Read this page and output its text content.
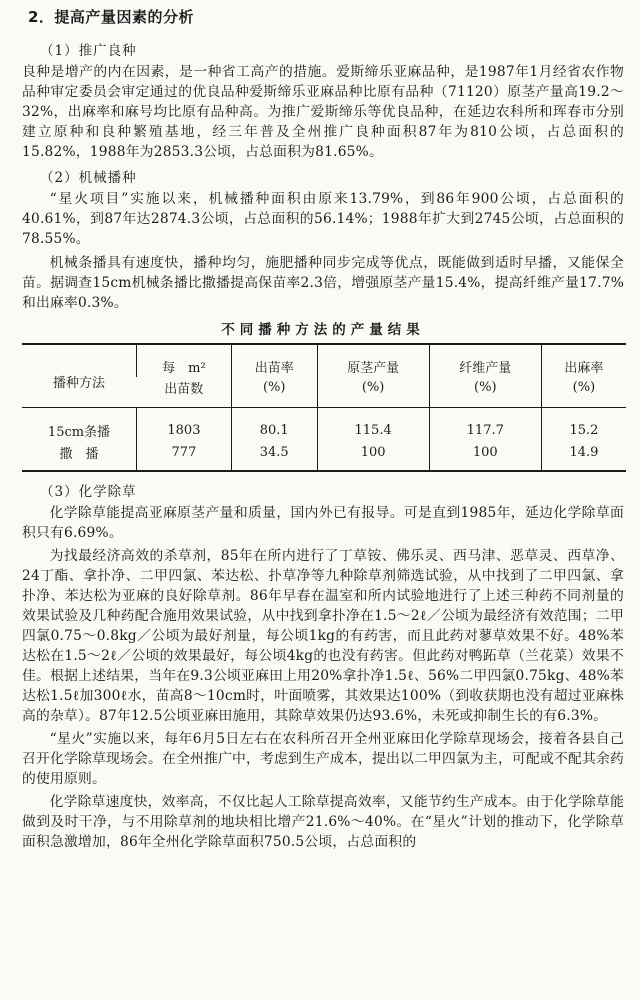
2．提高产量因素的分析
（1）推广良种

良种是增产的内在因素，是一种省工高产的措施。爱斯缔乐亚麻品种，是1987年1月经省农作物品种审定委员会审定通过的优良品种爱斯缔乐亚麻品种比原有品种（71120）原茎产量高19.2～32%，出麻率和麻号均比原有品种高。为推广爱斯缔乐等优良品种，在延边农科所和珲春市分别建立原种和良种繁殖基地，经三年普及全州推广良种面积87年为810公顷，占总面积的15.82%，1988年为2853.3公顷，占总面积为81.65%。

（2）机械播种

“星火项目”实施以来，机械播种面积由原来13.79%，到86年900公顷，占总面积的40.61%，到87年达2874.3公顷，占总面积的56.14%；1988年扩大到2745公顷，占总面积的78.55%。

机械条播具有速度快，播种均匀，施肥播种同步完成等优点，既能做到适时早播，又能保全苗。据调查15cm机械条播比撒播提高保苗率2.3倍，增强原茎产量15.4%，提高纤维产量17.7%和出麻率0.3%。

不同播种方法的产量结果
播种方法	每　m²	出苗率	原茎产量	纤维产量	出麻率
	出苗数	(%)	(%)	(%)	(%)
15cm条播	1803	80.1	115.4	117.7	15.2
撒　播	777	34.5	100	100	14.9
（3）化学除草

化学除草能提高亚麻原茎产量和质量，国内外已有报导。可是直到1985年，延边化学除草面积只有6.69%。

为找最经济高效的杀草剂，85年在所内进行了丁草铵、佛乐灵、西马津、恶草灵、西草净、24丁酯、拿扑净、二甲四氯、苯达松、扑草净等九种除草剂筛选试验，从中找到了二甲四氯、拿扑净、苯达松为亚麻的良好除草剂。86年早春在温室和所内试验地进行了上述三种药不同剂量的效果试验及几种药配合施用效果试验，从中找到拿扑净在1.5～2ℓ／公顷为最经济有效范围；二甲四氯0.75～0.8kg／公顷为最好剂量，每公顷1kg的有药害，而且此药对蓼草效果不好。48%苯达松在1.5～2ℓ／公顷的效果最好，每公顷4kg的也没有药害。但此药对鸭跖草（兰花菜）效果不佳。根据上述结果，当年在9.3公顷亚麻田上用20%拿扑净1.5ℓ、56%二甲四氯0.75kg、48%苯达松1.5ℓ加300ℓ水，苗高8～10cm时，叶面喷雾，其效果达100%（到收获期也没有超过亚麻株高的杂草）。87年12.5公顷亚麻田施用，其除草效果仍达93.6%，未死或抑制生长的有6.3%。

“星火”实施以来，每年6月5日左右在农科所召开全州亚麻田化学除草现场会，接着各县自己召开化学除草现场会。在全州推广中，考虑到生产成本，提出以二甲四氯为主，可配或不配其余药的使用原则。

化学除草速度快，效率高，不仅比起人工除草提高效率，又能节约生产成本。由于化学除草能做到及时干净，与不用除草剂的地块相比增产21.6%～40%。在“星火”计划的推动下，化学除草面积急激增加，86年全州化学除草面积750.5公顷，占总面积的
